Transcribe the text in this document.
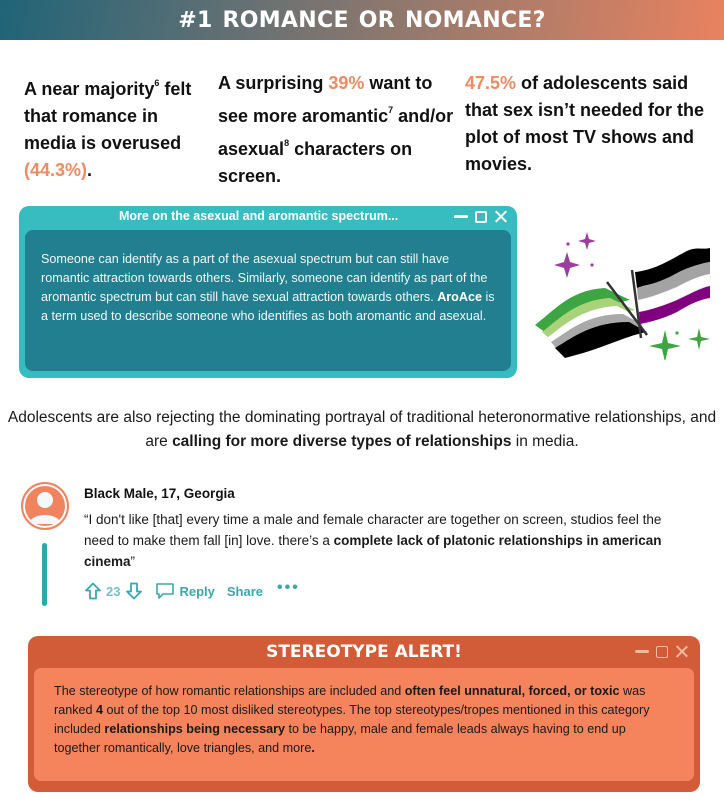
#1 ROMANCE OR NOMANCE?
A near majority$^6$ felt that romance in media is overused (44.3%).
A surprising 39% want to see more aromantic$^7$ and/or asexual$^8$ characters on screen.
47.5% of adolescents said that sex isn’t needed for the plot of most TV shows and movies.
More on the asexual and aromantic spectrum...
Someone can identify as a part of the asexual spectrum but can still have romantic attraction towards others. Similarly, someone can identify as part of the aromantic spectrum but can still have sexual attraction towards others. AroAce is a term used to describe someone who identifies as both aromantic and asexual.
Adolescents are also rejecting the dominating portrayal of traditional heteronormative relationships, and are calling for more diverse types of relationships in media.
Black Male, 17, Georgia
“I don't like [that] every time a male and female character are together on screen, studios feel the need to make them fall [in] love. there’s a complete lack of platonic relationships in american cinema”
23	Reply Share •••
STEREOTYPE ALERT!
The stereotype of how romantic relationships are included and often feel unnatural, forced, or toxic was ranked 4 out of the top 10 most disliked stereotypes. The top stereotypes/tropes mentioned in this category included relationships being necessary to be happy, male and female leads always having to end up together romantically, love triangles, and more.
